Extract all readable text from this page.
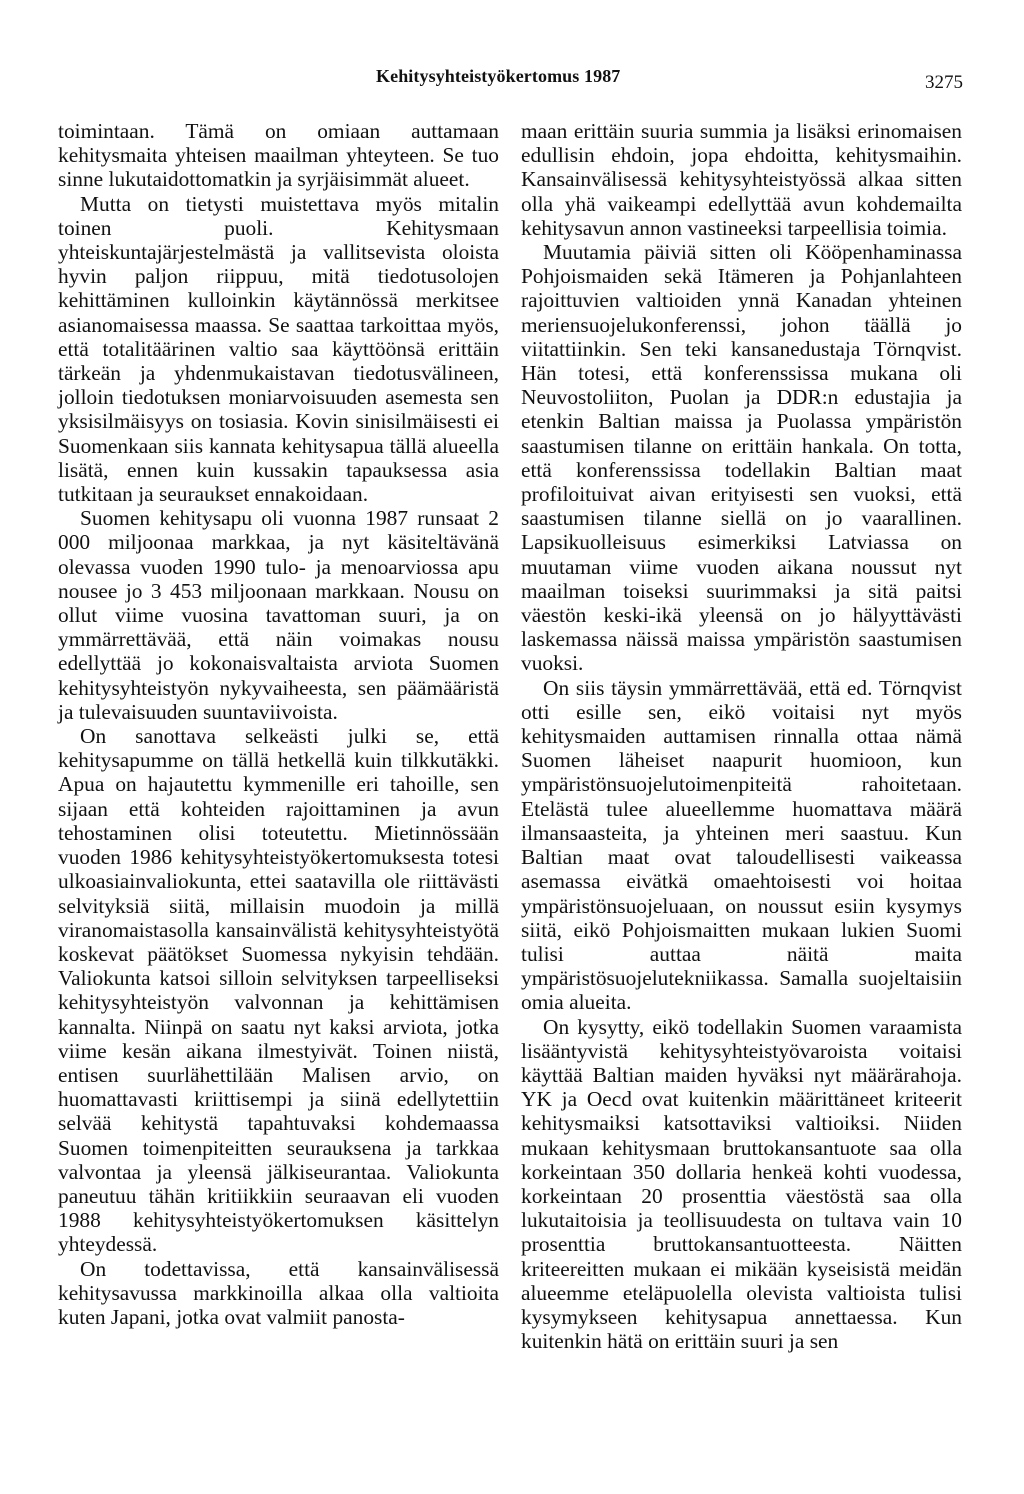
Kehitysyhteistyökertomus 1987	3275

toimintaan. Tämä on omiaan auttamaan kehitysmaita yhteisen maailman yhteyteen. Se tuo sinne lukutaidottomatkin ja syrjäisimmät alueet.

Mutta on tietysti muistettava myös mitalin toinen puoli. Kehitysmaan yhteiskuntajärjestelmästä ja vallitsevista oloista hyvin paljon riippuu, mitä tiedotusolojen kehittäminen kulloinkin käytännössä merkitsee asianomaisessa maassa. Se saattaa tarkoittaa myös, että totalitäärinen valtio saa käyttöönsä erittäin tärkeän ja yhdenmukaistavan tiedotusvälineen, jolloin tiedotuksen moniarvoisuuden asemesta sen yksisilmäisyys on tosiasia. Kovin sinisilmäisesti ei Suomenkaan siis kannata kehitysapua tällä alueella lisätä, ennen kuin kussakin tapauksessa asia tutkitaan ja seuraukset ennakoidaan.

Suomen kehitysapu oli vuonna 1987 runsaat 2 000 miljoonaa markkaa, ja nyt käsiteltävänä olevassa vuoden 1990 tulo- ja menoarviossa apu nousee jo 3 453 miljoonaan markkaan. Nousu on ollut viime vuosina tavattoman suuri, ja on ymmärrettävää, että näin voimakas nousu edellyttää jo kokonaisvaltaista arviota Suomen kehitysyhteistyön nykyvaiheesta, sen päämääristä ja tulevaisuuden suuntaviivoista.

On sanottava selkeästi julki se, että kehitysapumme on tällä hetkellä kuin tilkkutäkki. Apua on hajautettu kymmenille eri tahoille, sen sijaan että kohteiden rajoittaminen ja avun tehostaminen olisi toteutettu. Mietinnössään vuoden 1986 kehitysyhteistyökertomuksesta totesi ulkoasiainvaliokunta, ettei saatavilla ole riittävästi selvityksiä siitä, millaisin muodoin ja millä viranomaistasolla kansainvälistä kehitysyhteistyötä koskevat päätökset Suomessa nykyisin tehdään. Valiokunta katsoi silloin selvityksen tarpeelliseksi kehitysyhteistyön valvonnan ja kehittämisen kannalta. Niinpä on saatu nyt kaksi arviota, jotka viime kesän aikana ilmestyivät. Toinen niistä, entisen suurlähettilään Malisen arvio, on huomattavasti kriittisempi ja siinä edellytettiin selvää kehitystä tapahtuvaksi kohdemaassa Suomen toimenpiteitten seurauksena ja tarkkaa valvontaa ja yleensä jälkiseurantaa. Valiokunta paneutuu tähän kritiikkiin seuraavan eli vuoden 1988 kehitysyhteistyökertomuksen käsittelyn yhteydessä.

On todettavissa, että kansainvälisessä kehitysavussa markkinoilla alkaa olla valtioita kuten Japani, jotka ovat valmiit panosta-

maan erittäin suuria summia ja lisäksi erinomaisen edullisin ehdoin, jopa ehdoitta, kehitysmaihin. Kansainvälisessä kehitysyhteistyössä alkaa sitten olla yhä vaikeampi edellyttää avun kohdemailta kehitysavun annon vastineeksi tarpeellisia toimia.

Muutamia päiviä sitten oli Kööpenhaminassa Pohjoismaiden sekä Itämeren ja Pohjanlahteen rajoittuvien valtioiden ynnä Kanadan yhteinen meriensuojelukonferenssi, johon täällä jo viitattiinkin. Sen teki kansanedustaja Törnqvist. Hän totesi, että konferenssissa mukana oli Neuvostoliiton, Puolan ja DDR:n edustajia ja etenkin Baltian maissa ja Puolassa ympäristön saastumisen tilanne on erittäin hankala. On totta, että konferenssissa todellakin Baltian maat profiloituivat aivan erityisesti sen vuoksi, että saastumisen tilanne siellä on jo vaarallinen. Lapsikuolleisuus esimerkiksi Latviassa on muutaman viime vuoden aikana noussut nyt maailman toiseksi suurimmaksi ja sitä paitsi väestön keski-ikä yleensä on jo hälyyttävästi laskemassa näissä maissa ympäristön saastumisen vuoksi.

On siis täysin ymmärrettävää, että ed. Törnqvist otti esille sen, eikö voitaisi nyt myös kehitysmaiden auttamisen rinnalla ottaa nämä Suomen läheiset naapurit huomioon, kun ympäristönsuojelutoimenpiteitä rahoitetaan. Etelästä tulee alueellemme huomattava määrä ilmansaasteita, ja yhteinen meri saastuu. Kun Baltian maat ovat taloudellisesti vaikeassa asemassa eivätkä omaehtoisesti voi hoitaa ympäristönsuojeluaan, on noussut esiin kysymys siitä, eikö Pohjoismaitten mukaan lukien Suomi tulisi auttaa näitä maita ympäristösuojelutekniikassa. Samalla suojeltaisiin omia alueita.

On kysytty, eikö todellakin Suomen varaamista lisääntyvistä kehitysyhteistyövaroista voitaisi käyttää Baltian maiden hyväksi nyt määrärahoja. YK ja Oecd ovat kuitenkin määrittäneet kriteerit kehitysmaiksi katsottaviksi valtioiksi. Niiden mukaan kehitysmaan bruttokansantuote saa olla korkeintaan 350 dollaria henkeä kohti vuodessa, korkeintaan 20 prosenttia väestöstä saa olla lukutaitoisia ja teollisuudesta on tultava vain 10 prosenttia bruttokansantuotteesta. Näitten kriteereitten mukaan ei mikään kyseisistä meidän alueemme eteläpuolella olevista valtioista tulisi kysymykseen kehitysapua annettaessa. Kun kuitenkin hätä on erittäin suuri ja sen
